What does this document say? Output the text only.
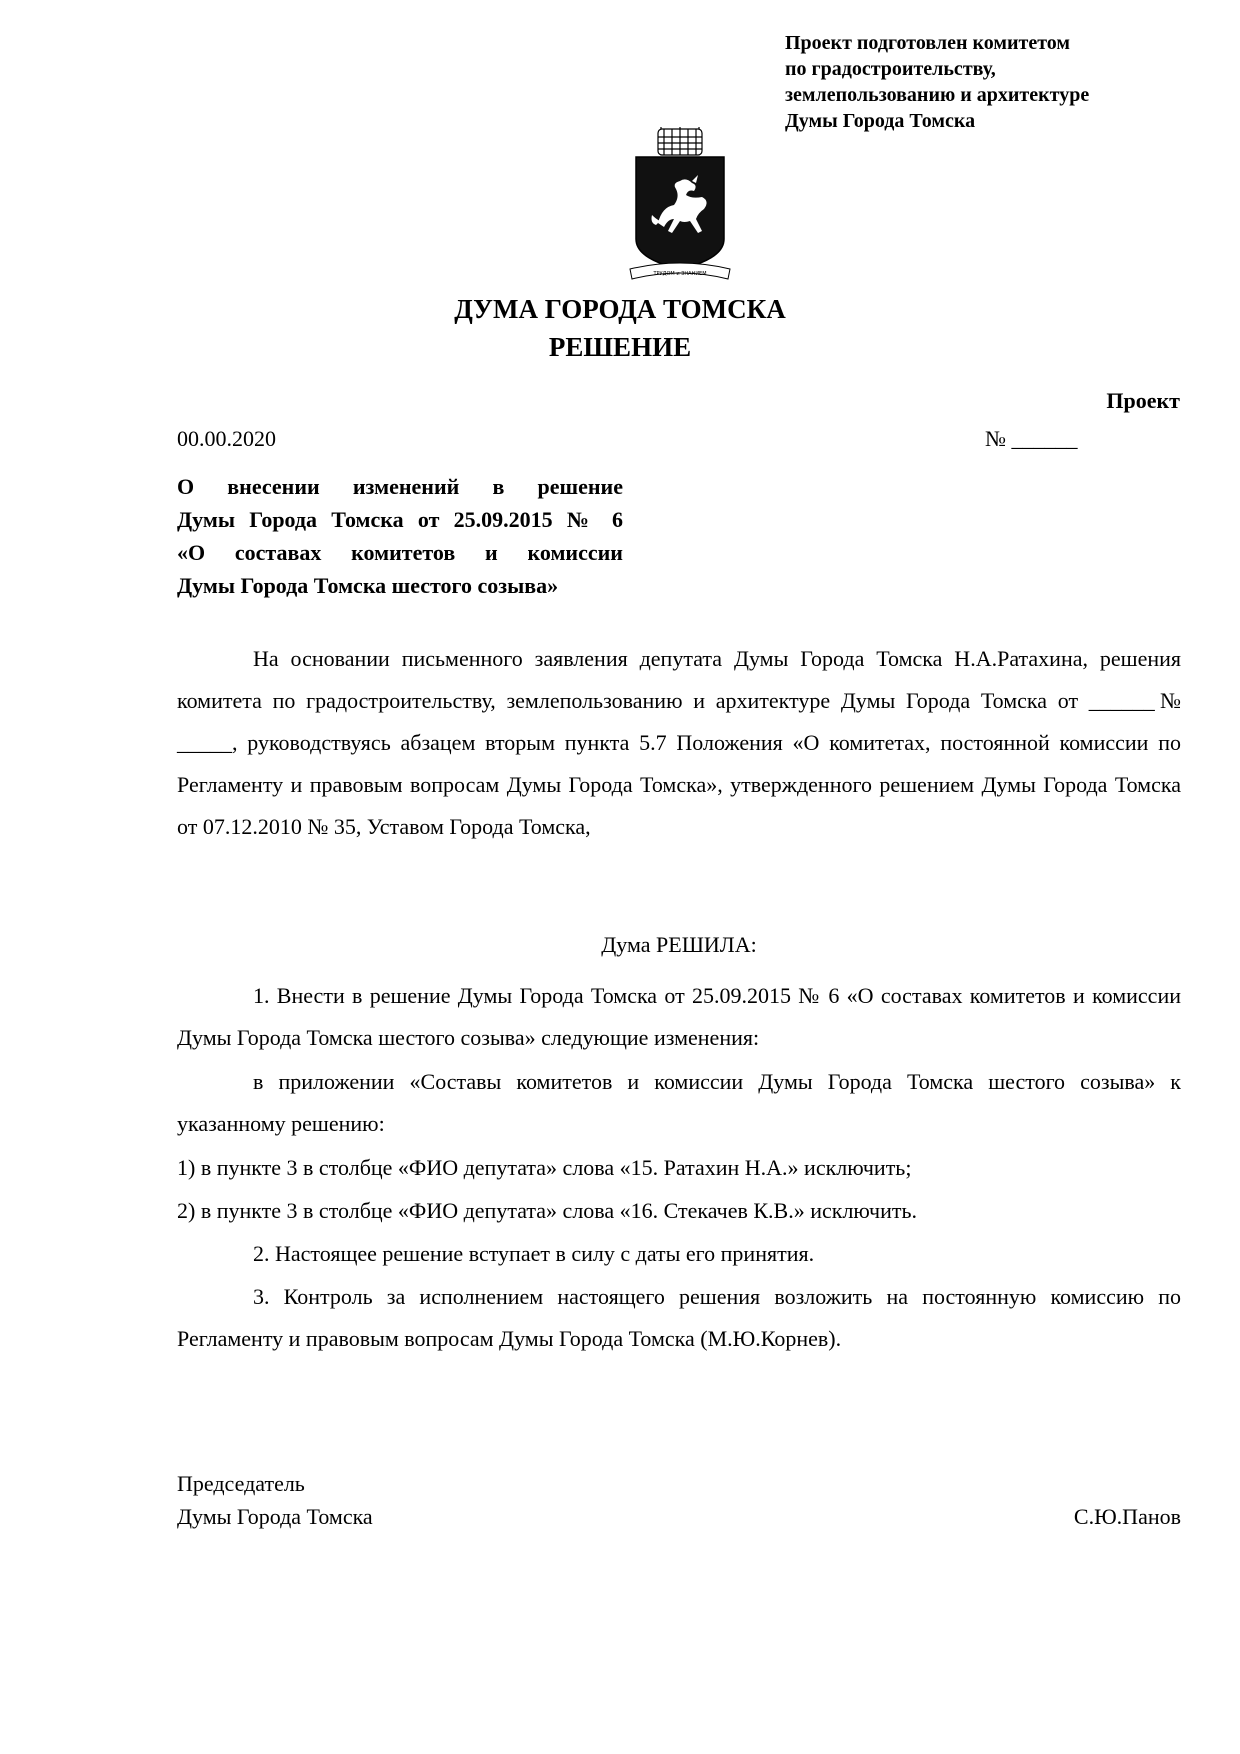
Проект подготовлен комитетом
по градостроительству,
землепользованию и архитектуре
Думы Города Томска
ТРУДОМ и ЗНАНИЕМ
ДУМА ГОРОДА ТОМСКА
РЕШЕНИЕ
Проект
00.00.2020	№ ______
О внесении изменений в решение
Думы Города Томска от 25.09.2015 № 6
«О составах комитетов и комиссии
Думы Города Томска шестого созыва»
На основании письменного заявления депутата Думы Города Томска Н.А.Ратахина, решения комитета по градостроительству, землепользованию и архитектуре Думы Города Томска от ______№ _____, руководствуясь абзацем вторым пункта 5.7 Положения «О комитетах, постоянной комиссии по Регламенту и правовым вопросам Думы Города Томска», утвержденного решением Думы Города Томска от 07.12.2010 № 35, Уставом Города Томска,
Дума РЕШИЛА:
1. Внести в решение Думы Города Томска от 25.09.2015 № 6 «О составах комитетов и комиссии Думы Города Томска шестого созыва» следующие изменения:
в приложении «Составы комитетов и комиссии Думы Города Томска шестого созыва» к указанному решению:
1) в пункте 3 в столбце «ФИО депутата» слова «15. Ратахин Н.А.» исключить;
2) в пункте 3 в столбце «ФИО депутата» слова «16. Стекачев К.В.» исключить.
2. Настоящее решение вступает в силу с даты его принятия.
3. Контроль за исполнением настоящего решения возложить на постоянную комиссию по Регламенту и правовым вопросам Думы Города Томска (М.Ю.Корнев).
Председатель
Думы Города Томска	С.Ю.Панов
